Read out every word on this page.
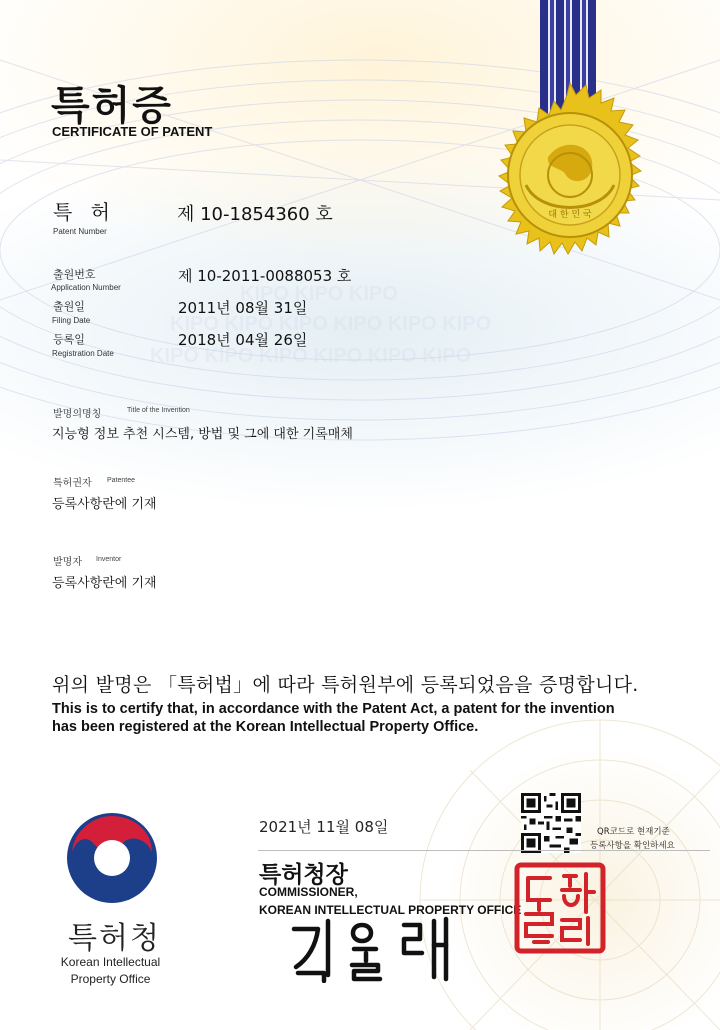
KIPO KIPO KIPO
KIPO KIPO KIPO KIPO KIPO KIPO
KIPO KIPO KIPO KIPO KIPO KIPO
대 한 민 국
특허증
CERTIFICATE OF PATENT
특 허
Patent Number
제 10-1854360 호
출원번호
Application Number
제 10-2011-0088053 호
출원일
Filing Date
2011년 08월 31일
등록일
Registration Date
2018년 04월 26일
발명의명칭	Title of the Invention
지능형 정보 추천 시스템, 방법 및 그에 대한 기록매체
특허권자 Patentee
등록사항란에 기재
발명자 Inventor
등록사항란에 기재
위의 발명은 「특허법」에 따라 특허원부에 등록되었음을 증명합니다.
This is to certify that, in accordance with the Patent Act, a patent for the invention
has been registered at the Korean Intellectual Property Office.
특허청
Korean Intellectual
Property Office
2021년 11월 08일	QR코드로 현재기준
등록사항을 확인하세요
특허청장
COMMISSIONER,
KOREAN INTELLECTUAL PROPERTY OFFICE
